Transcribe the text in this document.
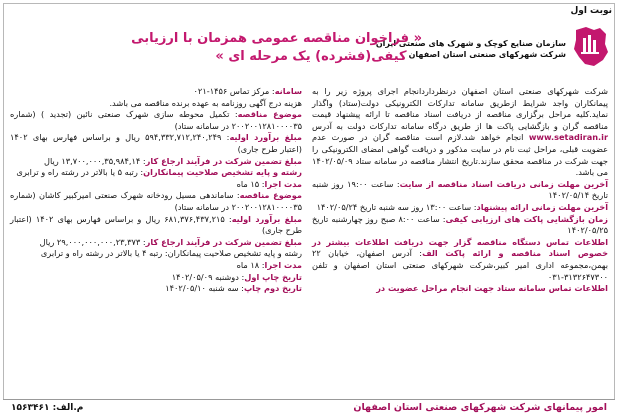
نوبت اول
سازمان صنایع کوچک و شهرک های صنعتی ایران
شرکت شهرکهای صنعتی استان اصفهان
« فراخوان مناقصه عمومی همزمان با ارزیابی
کیفی(فشرده) یک مرحله ای »

شرکت شهرکهای صنعتی استان اصفهان درنظرداردانجام اجرای پروژه زیر را به پیمانکاران واجد شرایط ازطریق سامانه تدارکات الکترونیکی دولت(ستاد) واگذار نماید.کلیه مراحل برگزاری مناقصه از دریافت اسناد مناقصه تا ارائه پیشنهاد قیمت مناقصه گران و بازگشایی پاکت ها از طریق درگاه سامانه تدارکات دولت به آدرس www.setadiran.ir انجام خواهد شد.لازم است مناقصه گران در صورت عدم عضویت قبلی، مراحل ثبت نام در سایت مذکور و دریافت گواهی امضای الکترونیکی را جهت شرکت در مناقصه محقق سازند.تاریخ انتشار مناقصه در سامانه ستاد ۱۴۰۲/۰۵/۰۹ می باشد.

آخرین مهلت زمانی دریافت اسناد مناقصه از سایت: ساعت ۱۹:۰۰ روز شنبه تاریخ ۱۴۰۲/۰۵/۱۴

آخرین مهلت زمانی ارائه پیشنهاد: ساعت ۱۳:۰۰ روز سه شنبه تاریخ ۱۴۰۲/۰۵/۲۴

زمان بازگشایی پاکت های ارزیابی کیفی: ساعت ۸:۰۰ صبح روز چهارشنبه تاریخ ۱۴۰۲/۰۵/۲۵

اطلاعات تماس دستگاه مناقصه گزار جهت دریافت اطلاعات بیشتر در خصوص اسناد مناقصه و ارائه پاکت الف: آدرس اصفهان، خیابان ۲۲ بهمن،مجموعه اداری امیر کبیر،شرکت شهرکهای صنعتی استان اصفهان و تلفن ۳۱۳۲۶۴۷۳۰۰-۰۳۱

اطلاعات تماس سامانه ستاد جهت انجام مراحل عضویت در

سامانه: مرکز تماس ۱۴۵۶-۰۲۱

هزینه درج آگهی روزنامه به عهده برنده مناقصه می باشد.

موضوع مناقصه: تکمیل محوطه سازی شهرک صنعتی نائین (تجدید ) (شماره ۲۰۰۲۰۰۱۲۸۱۰۰۰۰۳۵ در سامانه ستاد)

مبلغ برآورد اولیه: ۵۹۴,۳۳۲,۷۱۲,۲۴۰,۲۴۹ ریال و براساس فهارس بهای ۱۴۰۲ (اعتبار طرح جاری)

مبلغ تضمین شرکت در فرآیند ارجاع کار: ۱۳,۷۰۰,۰۰۰,۳۵,۹۸۴,۱۴ ریال

رشته و پایه تشخیص صلاحیت پیمانکاران: رتبه ۵ یا بالاتر در رشته راه و ترابری

مدت اجرا: ۱۵ ماه

موضوع مناقصه: ساماندهی مسیل رودخانه شهرک صنعتی امیرکبیر کاشان (شماره ۲۰۰۲۰۰۱۲۸۱۰۰۰۰۳۵ در سامانه ستاد)

مبلغ برآورد اولیه: ۶۸۱,۳۷۶,۴۳۷,۲۱۵ ریال و براساس فهارس بهای ۱۴۰۲ (اعتبار طرح جاری)

مبلغ تضمین شرکت در فرآیند ارجاع کار: ۲۹,۰۰۰,۰۰۰,۰۰۰,۲۳,۳۷۳ ریال

رشته و پایه تشخیص صلاحیت پیمانکاران: رتبه ۴ یا بالاتر در رشته راه و ترابری

مدت اجرا: ۱۸ ماه

تاریخ چاپ اول: دوشنبه ۱۴۰۲/۰۵/۰۹

تاریخ دوم چاپ: سه شنبه ۱۴۰۲/۰۵/۱۰

امور پیمانهای شرکت شهرکهای صنعتی استان اصفهان
م.الف: ۱۵۶۳۴۶۱
